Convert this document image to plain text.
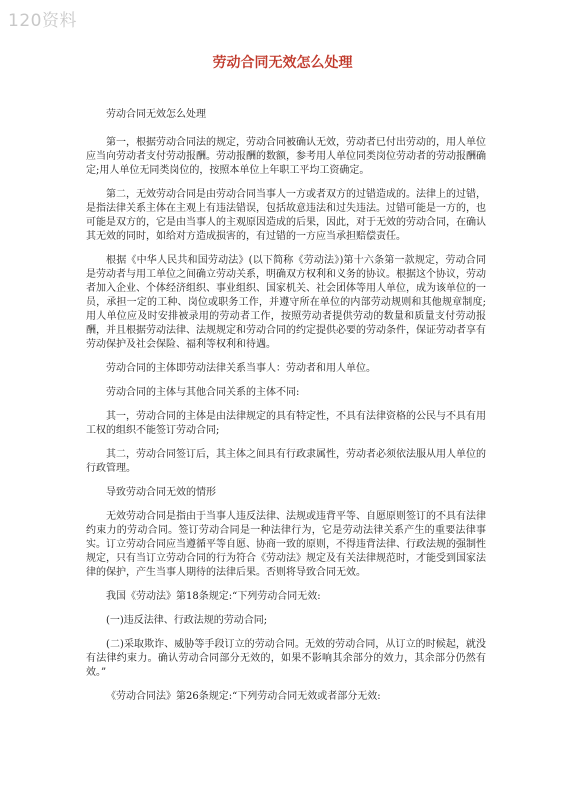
120资料
劳动合同无效怎么处理

劳动合同无效怎么处理

第一，根据劳动合同法的规定，劳动合同被确认无效，劳动者已付出劳动的，用人单位应当向劳动者支付劳动报酬。劳动报酬的数额，参考用人单位同类岗位劳动者的劳动报酬确定;用人单位无同类岗位的，按照本单位上年职工平均工资确定。

第二，无效劳动合同是由劳动合同当事人一方或者双方的过错造成的。法律上的过错，是指法律关系主体在主观上有违法错误，包括故意违法和过失违法。过错可能是一方的，也可能是双方的，它是由当事人的主观原因造成的后果，因此，对于无效的劳动合同，在确认其无效的同时，如给对方造成损害的，有过错的一方应当承担赔偿责任。

根据《中华人民共和国劳动法》(以下简称《劳动法》)第十六条第一款规定，劳动合同是劳动者与用工单位之间确立劳动关系，明确双方权利和义务的协议。根据这个协议，劳动者加入企业、个体经济组织、事业组织、国家机关、社会团体等用人单位，成为该单位的一员，承担一定的工种、岗位或职务工作，并遵守所在单位的内部劳动规则和其他规章制度;用人单位应及时安排被录用的劳动者工作，按照劳动者提供劳动的数量和质量支付劳动报酬，并且根据劳动法律、法规规定和劳动合同的约定提供必要的劳动条件，保证劳动者享有劳动保护及社会保险、福利等权利和待遇。

劳动合同的主体即劳动法律关系当事人：劳动者和用人单位。

劳动合同的主体与其他合同关系的主体不同:

其一，劳动合同的主体是由法律规定的具有特定性，不具有法律资格的公民与不具有用工权的组织不能签订劳动合同;

其二，劳动合同签订后，其主体之间具有行政隶属性，劳动者必须依法服从用人单位的行政管理。

导致劳动合同无效的情形

无效劳动合同是指由于当事人违反法律、法规或违背平等、自愿原则签订的不具有法律约束力的劳动合同。签订劳动合同是一种法律行为，它是劳动法律关系产生的重要法律事实。订立劳动合同应当遵循平等自愿、协商一致的原则，不得违背法律、行政法规的强制性规定，只有当订立劳动合同的行为符合《劳动法》规定及有关法律规范时，才能受到国家法律的保护，产生当事人期待的法律后果。否则将导致合同无效。

我国《劳动法》第18条规定:“下列劳动合同无效:

(一)违反法律、行政法规的劳动合同;

(二)采取欺诈、威胁等手段订立的劳动合同。无效的劳动合同，从订立的时候起，就没有法律约束力。确认劳动合同部分无效的，如果不影响其余部分的效力，其余部分仍然有效。”

《劳动合同法》第26条规定:“下列劳动合同无效或者部分无效:
